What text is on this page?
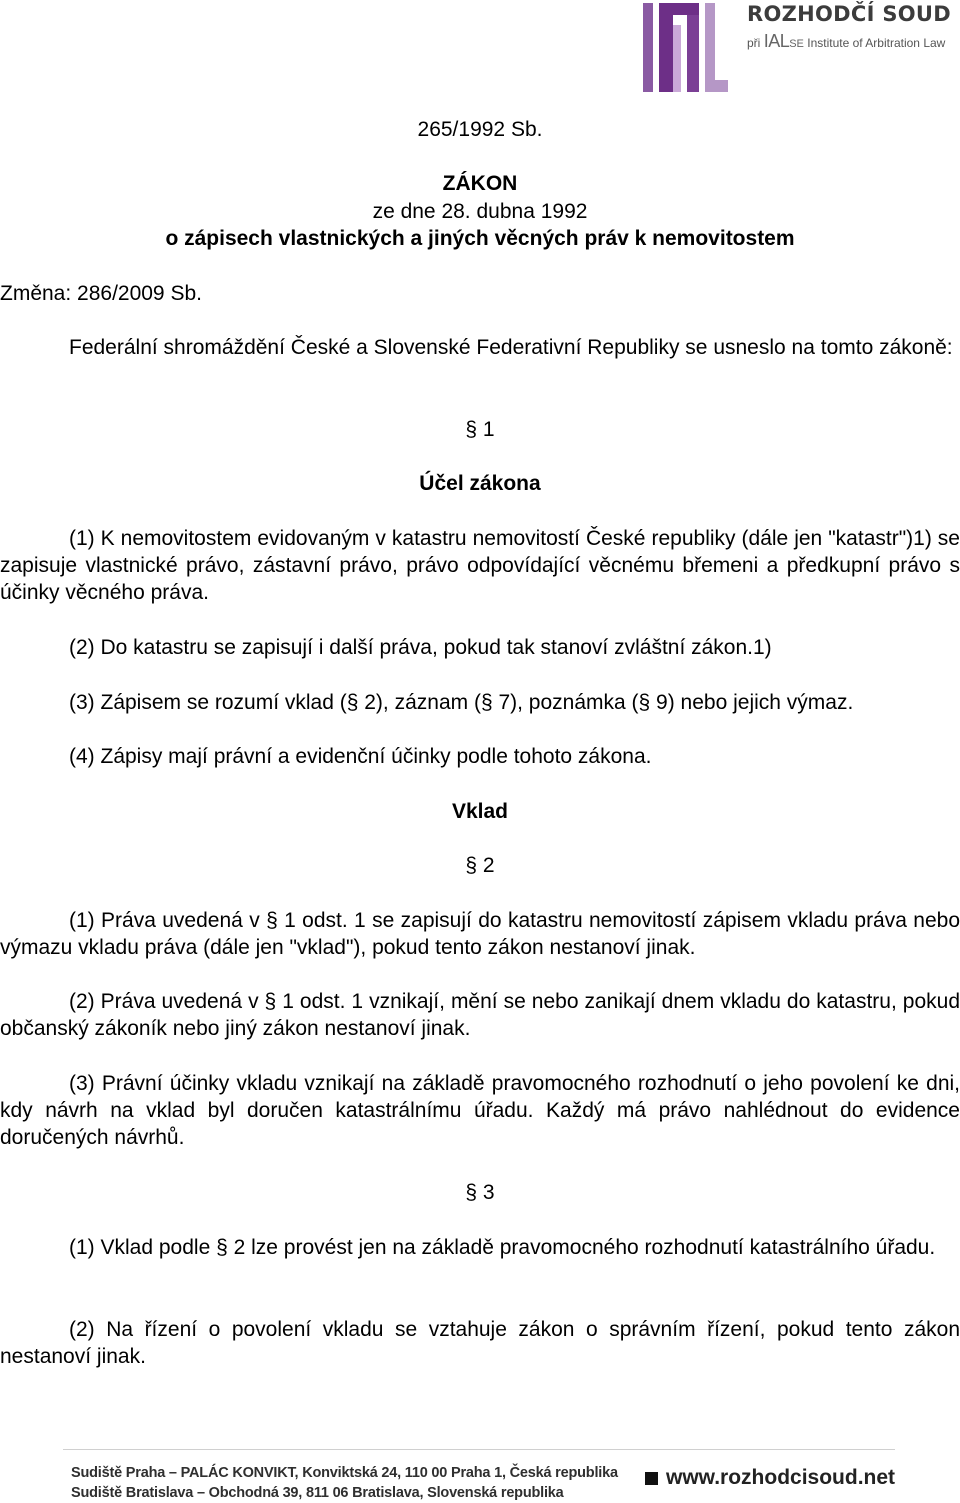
ROZHODČÍ SOUD
při IALSE Institute of Arbitration Law
265/1992 Sb.
ZÁKON
ze dne 28. dubna 1992
o zápisech vlastnických a jiných věcných práv k nemovitostem
Změna: 286/2009 Sb.
Federální shromáždění České a Slovenské Federativní Republiky se usneslo na tomto zákoně:
§ 1
Účel zákona
(1) K nemovitostem evidovaným v katastru nemovitostí České republiky (dále jen "katastr")1) se zapisuje vlastnické právo, zástavní právo, právo odpovídající věcnému břemeni a předkupní právo s účinky věcného práva.
(2) Do katastru se zapisují i další práva, pokud tak stanoví zvláštní zákon.1)
(3) Zápisem se rozumí vklad (§ 2), záznam (§ 7), poznámka (§ 9) nebo jejich výmaz.
(4) Zápisy mají právní a evidenční účinky podle tohoto zákona.
Vklad
§ 2
(1) Práva uvedená v § 1 odst. 1 se zapisují do katastru nemovitostí zápisem vkladu práva nebo výmazu vkladu práva (dále jen "vklad"), pokud tento zákon nestanoví jinak.
(2) Práva uvedená v § 1 odst. 1 vznikají, mění se nebo zanikají dnem vkladu do katastru, pokud občanský zákoník nebo jiný zákon nestanoví jinak.
(3) Právní účinky vkladu vznikají na základě pravomocného rozhodnutí o jeho povolení ke dni, kdy návrh na vklad byl doručen katastrálnímu úřadu. Každý má právo nahlédnout do evidence doručených návrhů.
§ 3
(1) Vklad podle § 2 lze provést jen na základě pravomocného rozhodnutí katastrálního úřadu.
(2) Na řízení o povolení vkladu se vztahuje zákon o správním řízení, pokud tento zákon nestanoví jinak.
Sudiště Praha – PALÁC KONVIKT, Konviktská 24, 110 00 Praha 1, Česká republika
Sudiště Bratislava – Obchodná 39, 811 06 Bratislava, Slovenská republika
www.rozhodcisoud.net
